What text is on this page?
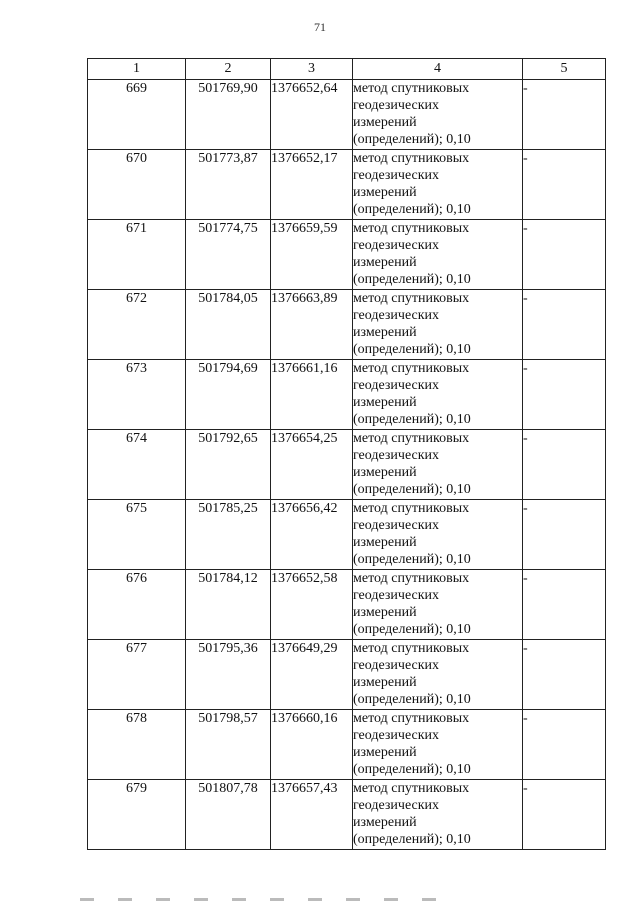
71
1	2	3	4	5
669	501769,90	1376652,64	метод спутниковых
геодезических
измерений
(определений); 0,10	-
670	501773,87	1376652,17	метод спутниковых
геодезических
измерений
(определений); 0,10	-
671	501774,75	1376659,59	метод спутниковых
геодезических
измерений
(определений); 0,10	-
672	501784,05	1376663,89	метод спутниковых
геодезических
измерений
(определений); 0,10	-
673	501794,69	1376661,16	метод спутниковых
геодезических
измерений
(определений); 0,10	-
674	501792,65	1376654,25	метод спутниковых
геодезических
измерений
(определений); 0,10	-
675	501785,25	1376656,42	метод спутниковых
геодезических
измерений
(определений); 0,10	-
676	501784,12	1376652,58	метод спутниковых
геодезических
измерений
(определений); 0,10	-
677	501795,36	1376649,29	метод спутниковых
геодезических
измерений
(определений); 0,10	-
678	501798,57	1376660,16	метод спутниковых
геодезических
измерений
(определений); 0,10	-
679	501807,78	1376657,43	метод спутниковых
геодезических
измерений
(определений); 0,10	-
